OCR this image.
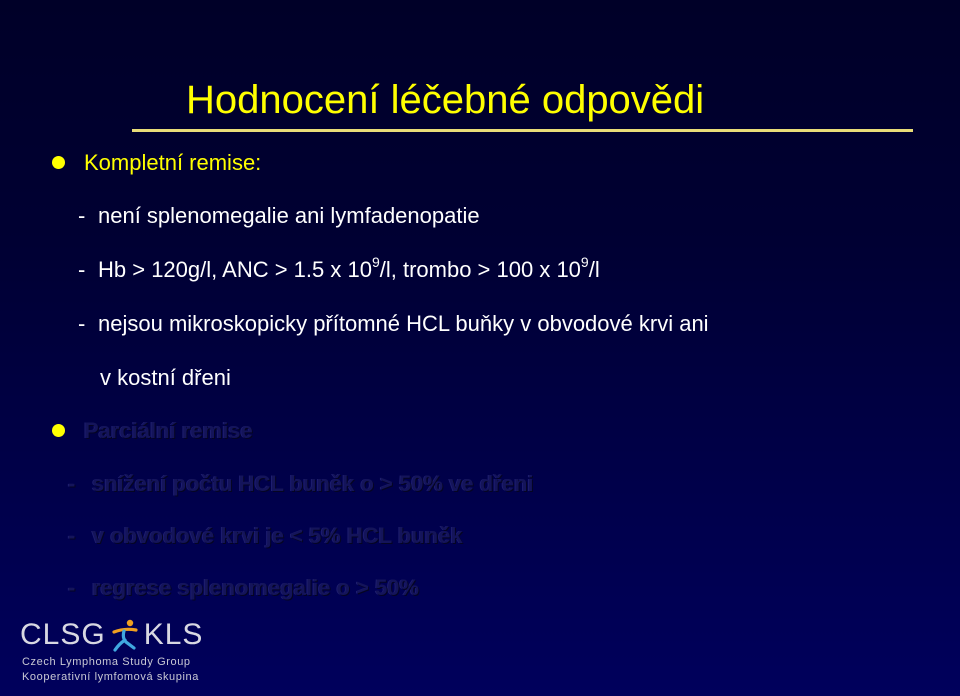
Hodnocení léčebné odpovědi
Kompletní remise:
- není splenomegalie ani lymfadenopatie
- Hb > 120g/l, ANC > 1.5 x $10^9/l$, trombo > 100 x $10^9/l$
- nejsou mikroskopicky přítomné HCL buňky v obvodové krvi ani
v kostní dřeni
Parciální remise
- snížení počtu HCL buněk o > 50% ve dřeni
- v obvodové krvi je < 5% HCL buněk
- regrese splenomegalie o > 50%
CLSG KLS
Czech Lymphoma Study Group
Kooperativní lymfomová skupina
